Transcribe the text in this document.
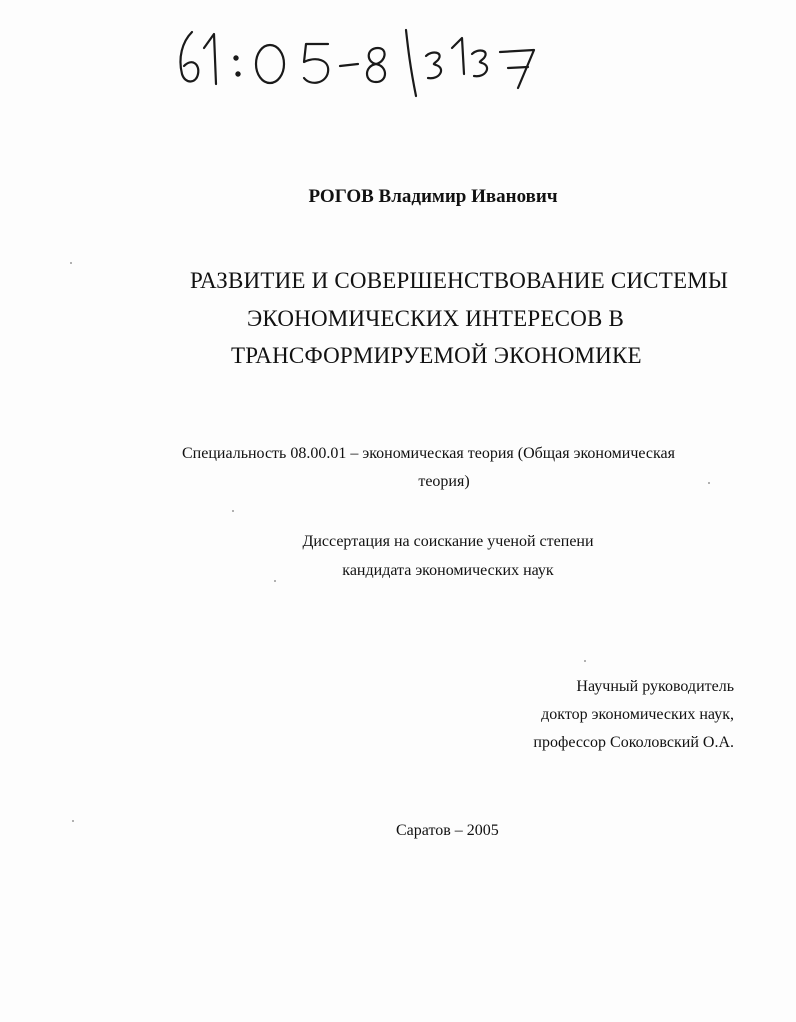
61:05-8/3137
РОГОВ Владимир Иванович
РАЗВИТИЕ И СОВЕРШЕНСТВОВАНИЕ СИСТЕМЫ
ЭКОНОМИЧЕСКИХ ИНТЕРЕСОВ В
ТРАНСФОРМИРУЕМОЙ ЭКОНОМИКЕ
Специальность 08.00.01 – экономическая теория (Общая экономическая
теория)
Диссертация на соискание ученой степени
кандидата экономических наук
Научный руководитель
доктор экономических наук,
профессор Соколовский О.А.
Саратов – 2005
